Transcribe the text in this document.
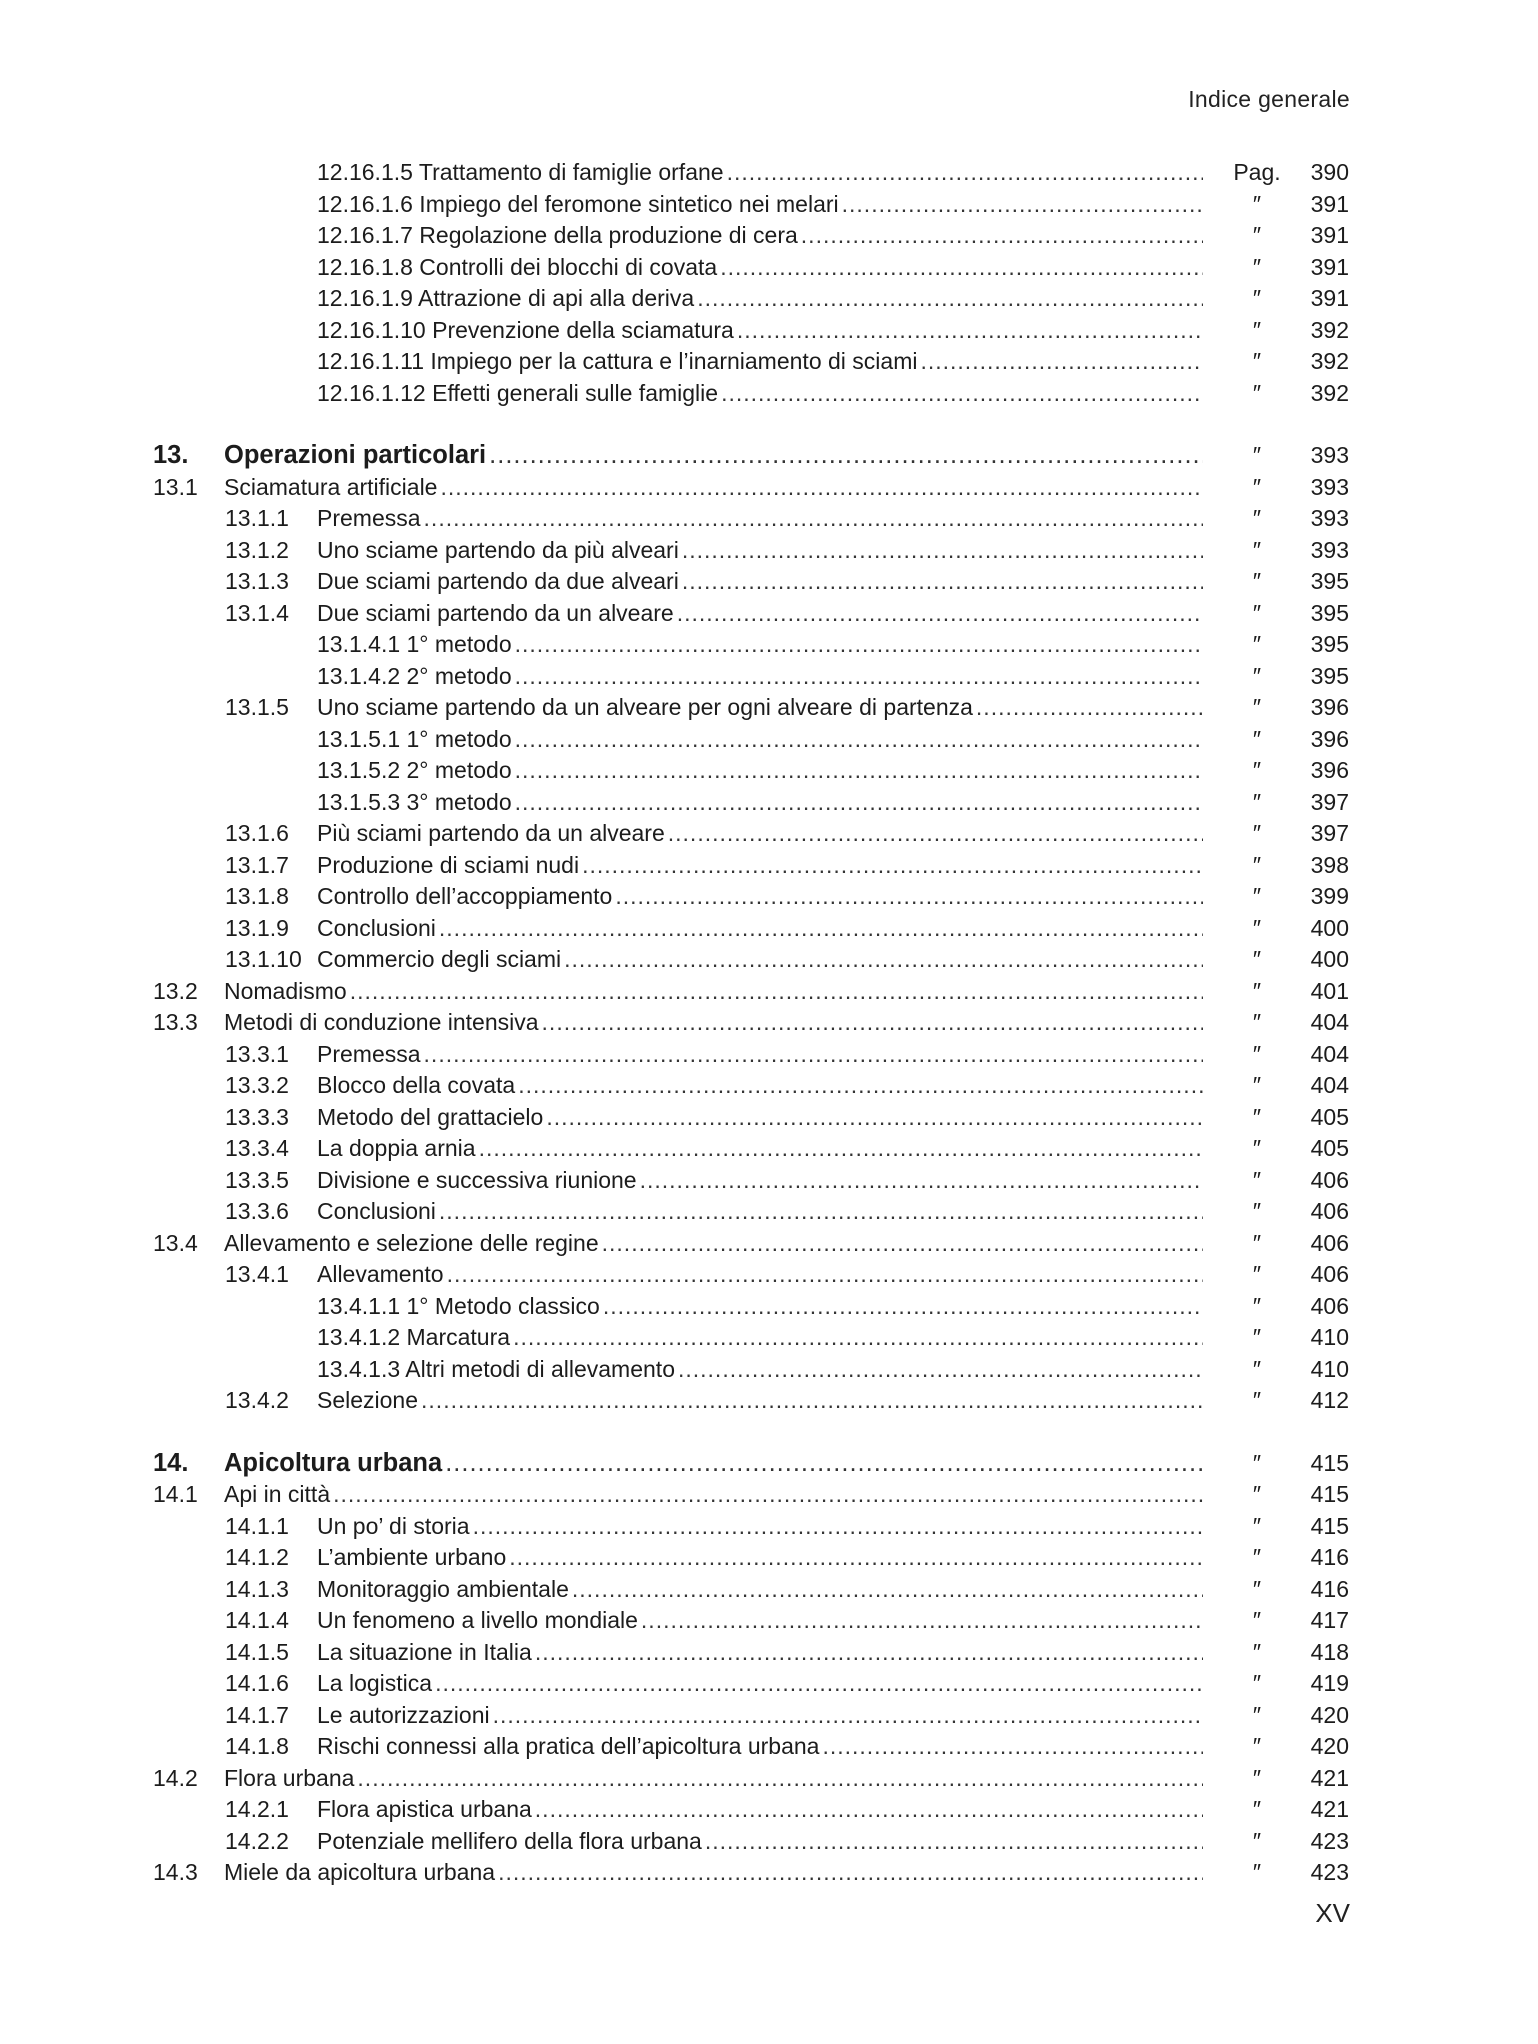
Indice generale
12.16.1.5 Trattamento di famiglie orfane .....	Pag.	390
12.16.1.6 Impiego del feromone sintetico nei melari .....	″	391
12.16.1.7 Regolazione della produzione di cera .....	″	391
12.16.1.8 Controlli dei blocchi di covata .....	″	391
12.16.1.9 Attrazione di api alla deriva .....	″	391
12.16.1.10 Prevenzione della sciamatura .....	″	392
12.16.1.11 Impiego per la cattura e l’inarniamento di sciami .....	″	392
12.16.1.12 Effetti generali sulle famiglie .....	″	392
13. Operazioni particolari .....	″	393
13.1 Sciamatura artificiale .....	″	393
13.1.1 Premessa .....	″	393
13.1.2 Uno sciame partendo da più alveari .....	″	393
13.1.3 Due sciami partendo da due alveari .....	″	395
13.1.4 Due sciami partendo da un alveare .....	″	395
13.1.4.1 1° metodo .....	″	395
13.1.4.2 2° metodo .....	″	395
13.1.5 Uno sciame partendo da un alveare per ogni alveare di partenza .....	″	396
13.1.5.1 1° metodo .....	″	396
13.1.5.2 2° metodo .....	″	396
13.1.5.3 3° metodo .....	″	397
13.1.6 Più sciami partendo da un alveare .....	″	397
13.1.7 Produzione di sciami nudi .....	″	398
13.1.8 Controllo dell’accoppiamento .....	″	399
13.1.9 Conclusioni .....	″	400
13.1.10 Commercio degli sciami .....	″	400
13.2 Nomadismo .....	″	401
13.3 Metodi di conduzione intensiva .....	″	404
13.3.1 Premessa .....	″	404
13.3.2 Blocco della covata .....	″	404
13.3.3 Metodo del grattacielo .....	″	405
13.3.4 La doppia arnia .....	″	405
13.3.5 Divisione e successiva riunione .....	″	406
13.3.6 Conclusioni .....	″	406
13.4 Allevamento e selezione delle regine .....	″	406
13.4.1 Allevamento .....	″	406
13.4.1.1 1° Metodo classico .....	″	406
13.4.1.2 Marcatura .....	″	410
13.4.1.3 Altri metodi di allevamento .....	″	410
13.4.2 Selezione .....	″	412
14. Apicoltura urbana .....	″	415
14.1 Api in città .....	″	415
14.1.1 Un po’ di storia .....	″	415
14.1.2 L’ambiente urbano .....	″	416
14.1.3 Monitoraggio ambientale .....	″	416
14.1.4 Un fenomeno a livello mondiale .....	″	417
14.1.5 La situazione in Italia .....	″	418
14.1.6 La logistica .....	″	419
14.1.7 Le autorizzazioni .....	″	420
14.1.8 Rischi connessi alla pratica dell’apicoltura urbana .....	″	420
14.2 Flora urbana .....	″	421
14.2.1 Flora apistica urbana .....	″	421
14.2.2 Potenziale mellifero della flora urbana .....	″	423
14.3 Miele da apicoltura urbana .....	″	423
XV
